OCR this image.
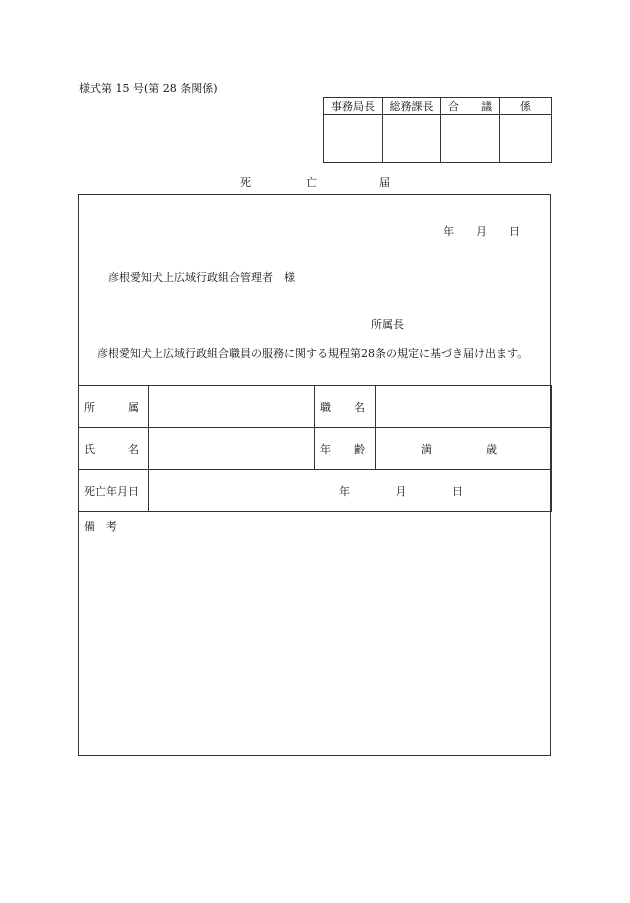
様式第 15 号(第 28 条関係)
事務局長	総務課長	合　　議	係

死	亡	届
年 月 日
彦根愛知犬上広域行政組合管理者　様
所属長
彦根愛知犬上広域行政組合職員の服務に関する規程第28条の規定に基づき届け出ます。
所 属		職 名	

氏 名		年 齢	満 歳

死亡年月日	年 月 日		
備　考
